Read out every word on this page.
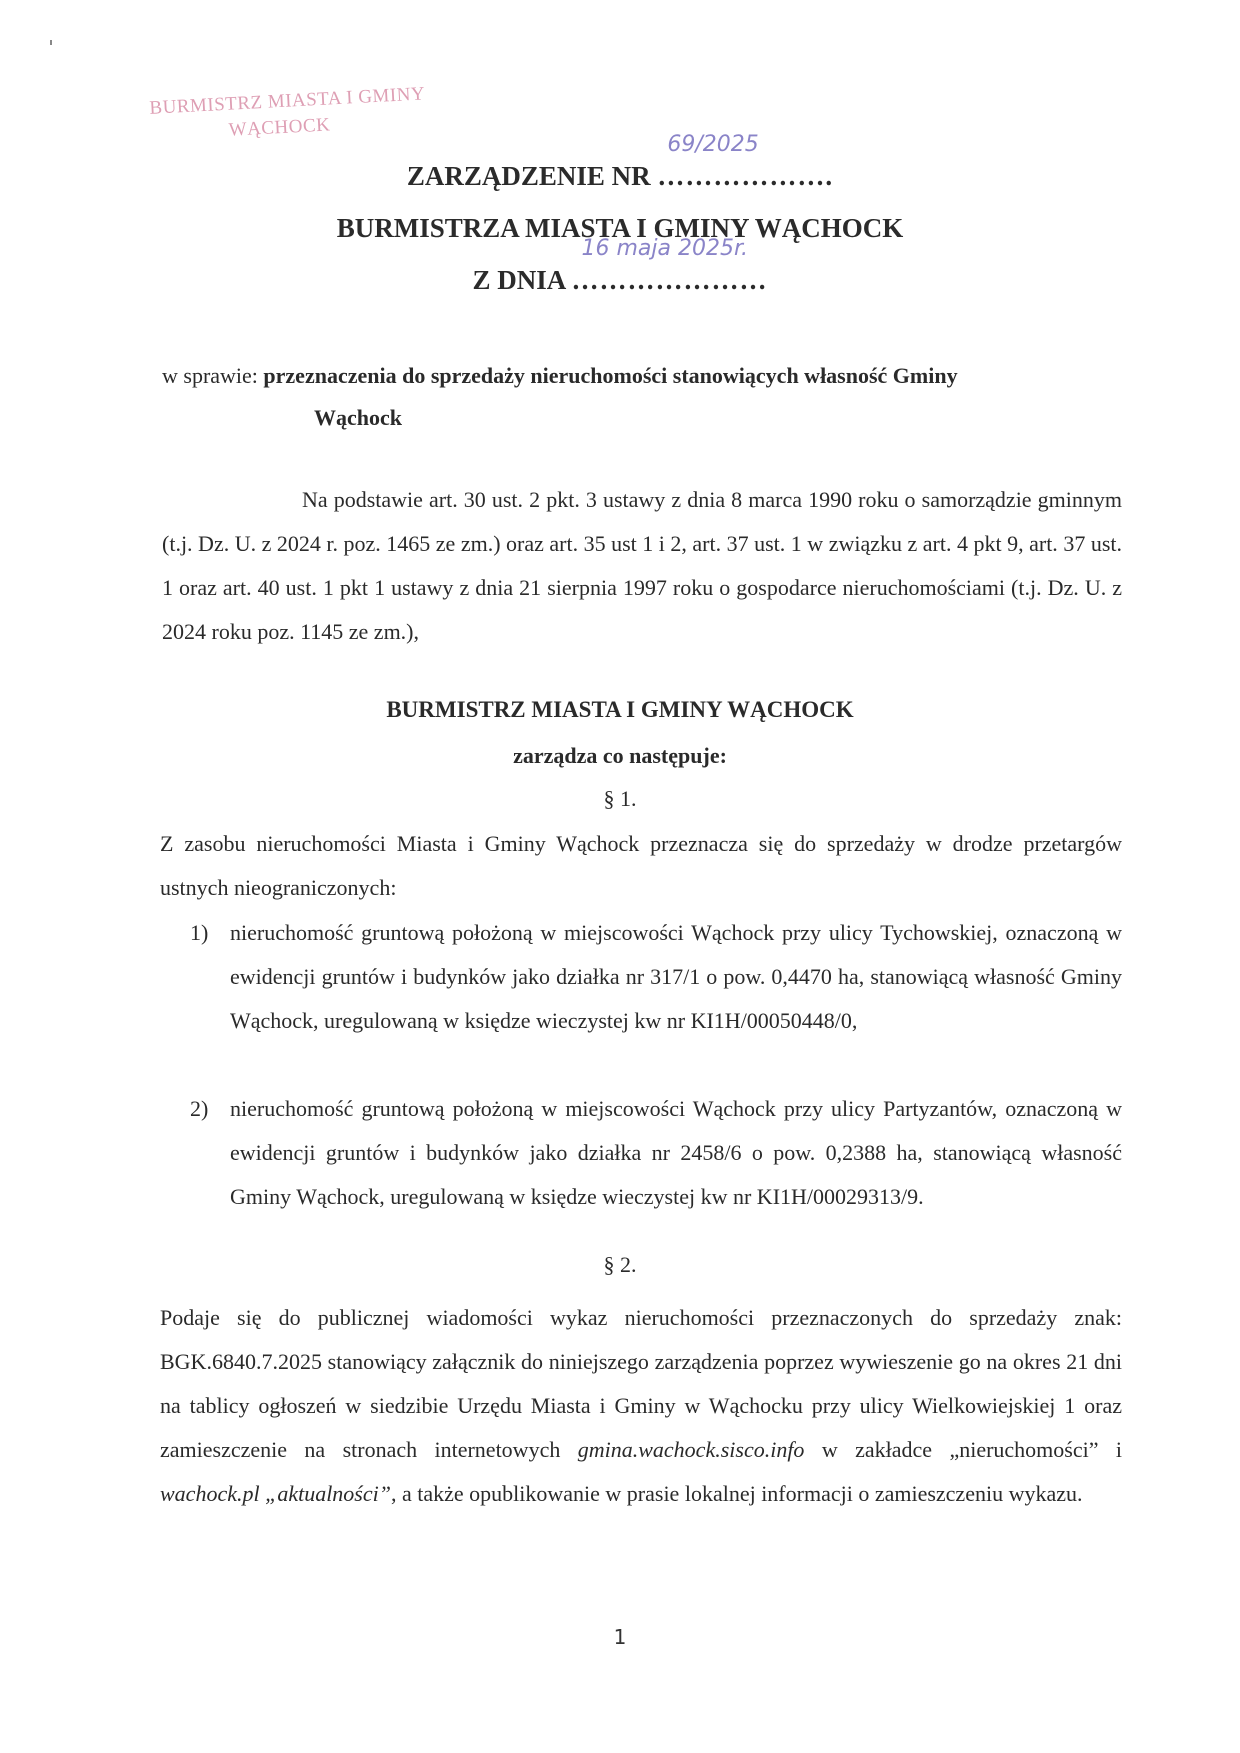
BURMISTRZ MIASTA I GMINY
WĄCHOCK
ZARZĄDZENIE NR ……………….
69/2025
BURMISTRZA MIASTA I GMINY WĄCHOCK
Z DNIA …………………
16 maja 2025r.
w sprawie: przeznaczenia do sprzedaży nieruchomości stanowiących własność Gminy
Wąchock
Na podstawie art. 30 ust. 2 pkt. 3 ustawy z dnia 8 marca 1990 roku o samorządzie gminnym (t.j. Dz. U. z 2024 r. poz. 1465 ze zm.) oraz art. 35 ust 1 i 2, art. 37 ust. 1 w związku z art. 4 pkt 9, art. 37 ust. 1 oraz art. 40 ust. 1 pkt 1 ustawy z dnia 21 sierpnia 1997 roku o gospodarce nieruchomościami (t.j. Dz. U. z 2024 roku poz. 1145 ze zm.),
BURMISTRZ MIASTA I GMINY WĄCHOCK
zarządza co następuje:
§ 1.
Z zasobu nieruchomości Miasta i Gminy Wąchock przeznacza się do sprzedaży w drodze przetargów ustnych nieograniczonych:
1) nieruchomość gruntową położoną w miejscowości Wąchock przy ulicy Tychowskiej, oznaczoną w ewidencji gruntów i budynków jako działka nr 317/1 o pow. 0,4470 ha, stanowiącą własność Gminy Wąchock, uregulowaną w księdze wieczystej kw nr KI1H/00050448/0,
2) nieruchomość gruntową położoną w miejscowości Wąchock przy ulicy Partyzantów, oznaczoną w ewidencji gruntów i budynków jako działka nr 2458/6 o pow. 0,2388 ha, stanowiącą własność Gminy Wąchock, uregulowaną w księdze wieczystej kw nr KI1H/00029313/9.
§ 2.
Podaje się do publicznej wiadomości wykaz nieruchomości przeznaczonych do sprzedaży znak: BGK.6840.7.2025 stanowiący załącznik do niniejszego zarządzenia poprzez wywieszenie go na okres 21 dni na tablicy ogłoszeń w siedzibie Urzędu Miasta i Gminy w Wąchocku przy ulicy Wielkowiejskiej 1 oraz zamieszczenie na stronach internetowych gmina.wachock.sisco.info w zakładce „nieruchomości” i wachock.pl „aktualności”, a także opublikowanie w prasie lokalnej informacji o zamieszczeniu wykazu.
1
